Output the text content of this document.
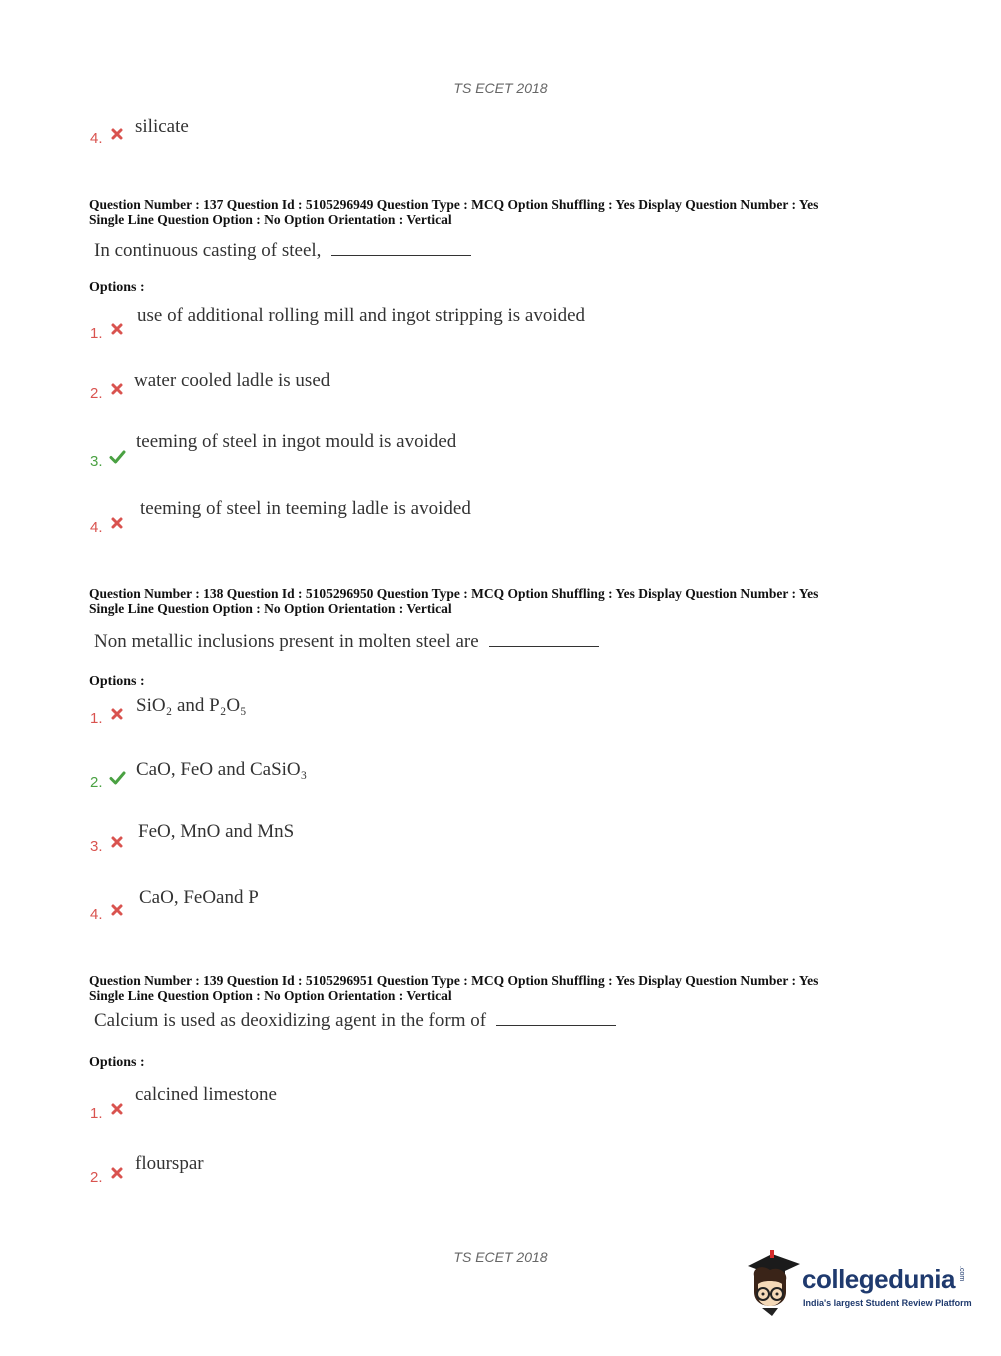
TS ECET 2018
4.
silicate
Question Number : 137 Question Id : 5105296949 Question Type : MCQ Option Shuffling : Yes Display Question Number : Yes
Single Line Question Option : No Option Orientation : Vertical
In continuous casting of steel,
Options :
1.
use of additional rolling mill and ingot stripping is avoided
2.
water cooled ladle is used
3.
teeming of steel in ingot mould is avoided
4.
teeming of steel in teeming ladle is avoided
Question Number : 138 Question Id : 5105296950 Question Type : MCQ Option Shuffling : Yes Display Question Number : Yes
Single Line Question Option : No Option Orientation : Vertical
Non metallic inclusions present in molten steel are
Options :
1.
SiO₂ and P₂O₅
2.
CaO, FeO and CaSiO₃
3.
FeO, MnO and MnS
4.
CaO, FeOand P
Question Number : 139 Question Id : 5105296951 Question Type : MCQ Option Shuffling : Yes Display Question Number : Yes
Single Line Question Option : No Option Orientation : Vertical
Calcium is used as deoxidizing agent in the form of
Options :
1.
calcined limestone
2.
flourspar
TS ECET 2018
collegedunia .com
India's largest Student Review Platform
